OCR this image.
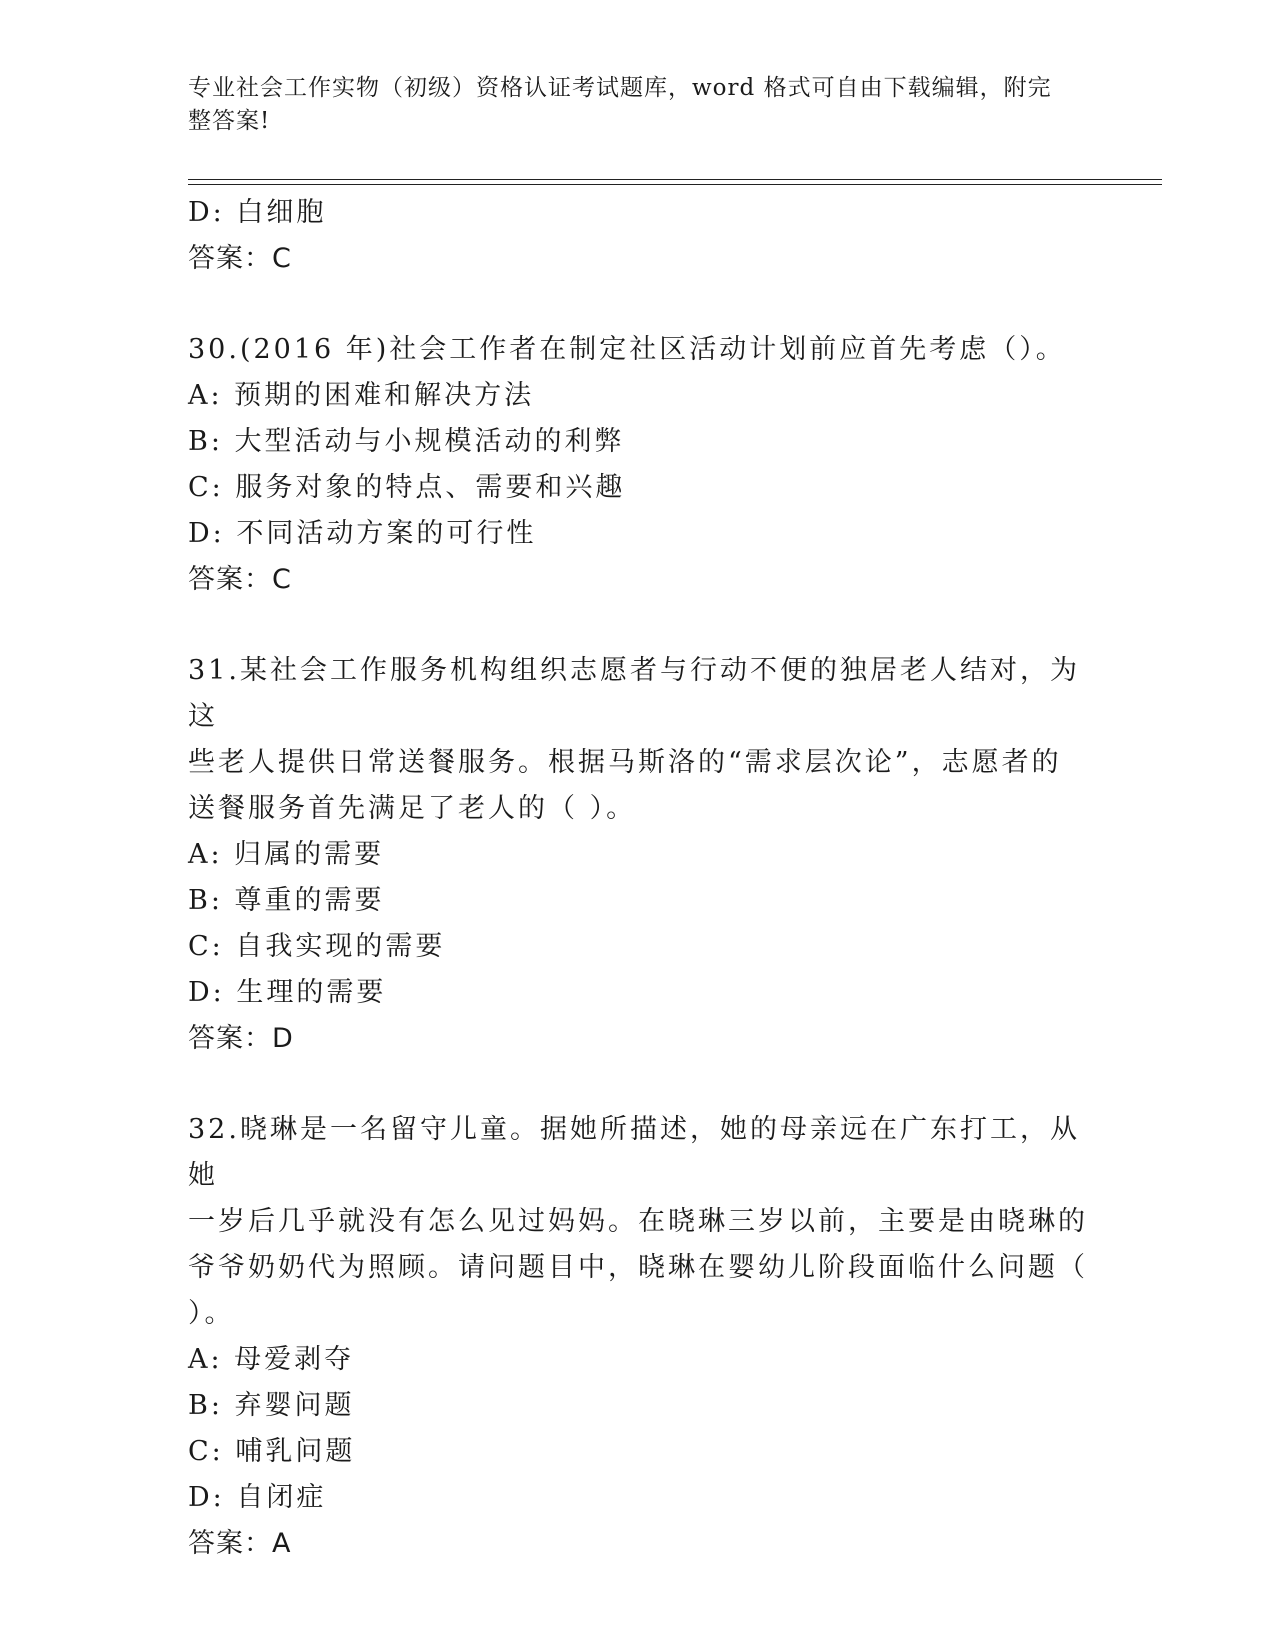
专业社会工作实物（初级）资格认证考试题库，word 格式可自由下载编辑，附完
整答案!
D: 白细胞
答案：C
30.(2016 年)社会工作者在制定社区活动计划前应首先考虑（）。
A: 预期的困难和解决方法
B: 大型活动与小规模活动的利弊
C: 服务对象的特点、需要和兴趣
D: 不同活动方案的可行性
答案：C
31.某社会工作服务机构组织志愿者与行动不便的独居老人结对，为这
些老人提供日常送餐服务。根据马斯洛的“需求层次论”，志愿者的
送餐服务首先满足了老人的（ ）。
A: 归属的需要
B: 尊重的需要
C: 自我实现的需要
D: 生理的需要
答案：D
32.晓琳是一名留守儿童。据她所描述，她的母亲远在广东打工，从她
一岁后几乎就没有怎么见过妈妈。在晓琳三岁以前，主要是由晓琳的
爷爷奶奶代为照顾。请问题目中，晓琳在婴幼儿阶段面临什么问题（
）。
A: 母爱剥夺
B: 弃婴问题
C: 哺乳问题
D: 自闭症
答案：A
